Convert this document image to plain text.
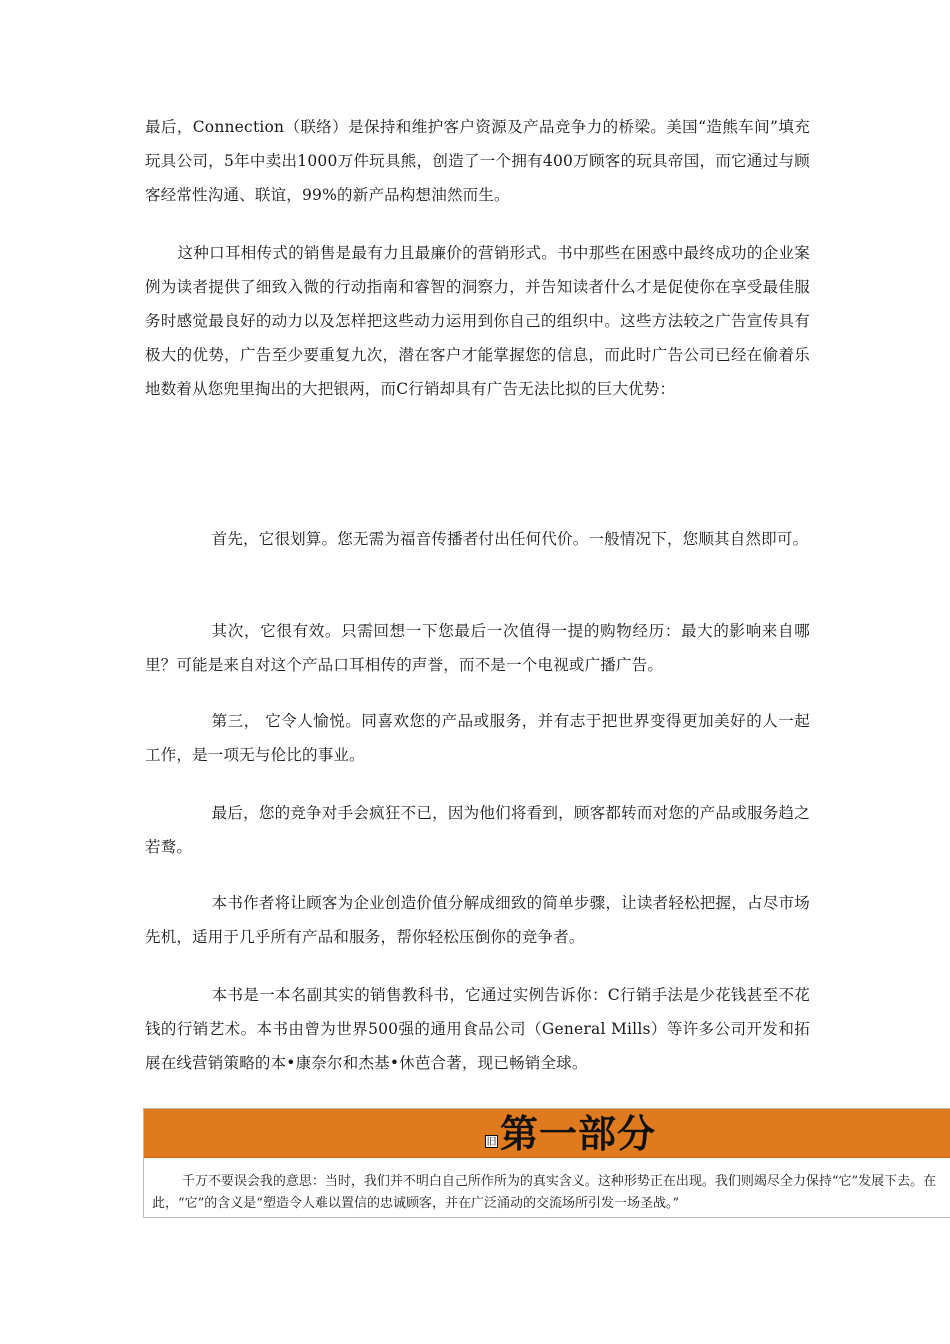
最后，Connection（联络）是保持和维护客户资源及产品竞争力的桥梁。美国“造熊车间”填充玩具公司，5年中卖出1000万件玩具熊，创造了一个拥有400万顾客的玩具帝国，而它通过与顾客经常性沟通、联谊，99%的新产品构想油然而生。

这种口耳相传式的销售是最有力且最廉价的营销形式。书中那些在困惑中最终成功的企业案例为读者提供了细致入微的行动指南和睿智的洞察力，并告知读者什么才是促使你在享受最佳服务时感觉最良好的动力以及怎样把这些动力运用到你自己的组织中。这些方法较之广告宣传具有极大的优势，广告至少要重复九次，潜在客户才能掌握您的信息，而此时广告公司已经在偷着乐地数着从您兜里掏出的大把银两，而C行销却具有广告无法比拟的巨大优势：

首先，它很划算。您无需为福音传播者付出任何代价。一般情况下，您顺其自然即可。

其次，它很有效。只需回想一下您最后一次值得一提的购物经历：最大的影响来自哪里？可能是来自对这个产品口耳相传的声誉，而不是一个电视或广播广告。

第三， 它令人愉悦。同喜欢您的产品或服务，并有志于把世界变得更加美好的人一起工作，是一项无与伦比的事业。

最后，您的竞争对手会疯狂不已，因为他们将看到，顾客都转而对您的产品或服务趋之若鹜。

本书作者将让顾客为企业创造价值分解成细致的简单步骤，让读者轻松把握，占尽市场先机，适用于几乎所有产品和服务，帮你轻松压倒你的竞争者。

本书是一本名副其实的销售教科书，它通过实例告诉你：C行销手法是少花钱甚至不花钱的行销艺术。本书由曾为世界500强的通用食品公司（General Mills）等许多公司开发和拓展在线营销策略的本•康奈尔和杰基•休芭合著，现已畅销全球。

旧 第一部分

千万不要误会我的意思：当时，我们并不明白自己所作所为的真实含义。这种形势正在出现。我们则竭尽全力保持“它”发展下去。在此，“它”的含义是“塑造令人难以置信的忠诚顾客，并在广泛涌动的交流场所引发一场圣战。”
